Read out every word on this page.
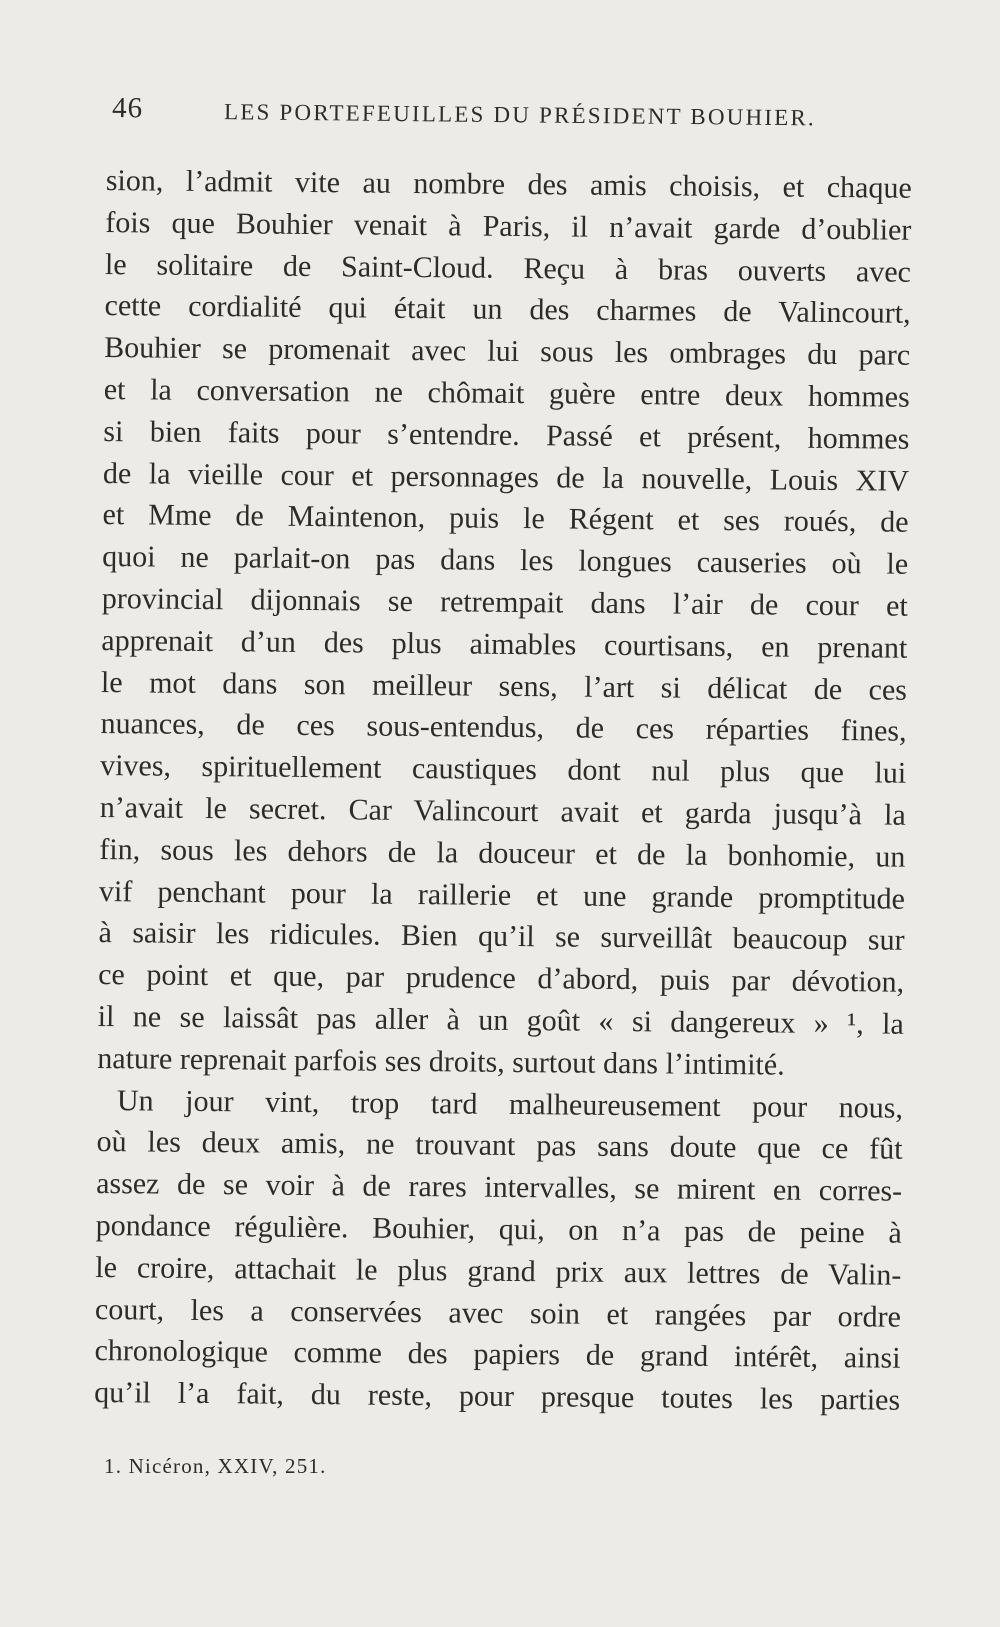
46	LES PORTEFEUILLES DU PRÉSIDENT BOUHIER.
sion, l’admit vite au nombre des amis choisis, et chaque
fois que Bouhier venait à Paris, il n’avait garde d’oublier
le solitaire de Saint-Cloud. Reçu à bras ouverts avec
cette cordialité qui était un des charmes de Valincourt,
Bouhier se promenait avec lui sous les ombrages du parc
et la conversation ne chômait guère entre deux hommes
si bien faits pour s’entendre. Passé et présent, hommes
de la vieille cour et personnages de la nouvelle, Louis XIV
et Mme de Maintenon, puis le Régent et ses roués, de
quoi ne parlait-on pas dans les longues causeries où le
provincial dijonnais se retrempait dans l’air de cour et
apprenait d’un des plus aimables courtisans, en prenant
le mot dans son meilleur sens, l’art si délicat de ces
nuances, de ces sous-entendus, de ces réparties fines,
vives, spirituellement caustiques dont nul plus que lui
n’avait le secret. Car Valincourt avait et garda jusqu’à la
fin, sous les dehors de la douceur et de la bonhomie, un
vif penchant pour la raillerie et une grande promptitude
à saisir les ridicules. Bien qu’il se surveillât beaucoup sur
ce point et que, par prudence d’abord, puis par dévotion,
il ne se laissât pas aller à un goût « si dangereux » ¹, la
nature reprenait parfois ses droits, surtout dans l’intimité.
Un jour vint, trop tard malheureusement pour nous,
où les deux amis, ne trouvant pas sans doute que ce fût
assez de se voir à de rares intervalles, se mirent en corres-
pondance régulière. Bouhier, qui, on n’a pas de peine à
le croire, attachait le plus grand prix aux lettres de Valin-
court, les a conservées avec soin et rangées par ordre
chronologique comme des papiers de grand intérêt, ainsi
qu’il l’a fait, du reste, pour presque toutes les parties
1. Nicéron, XXIV, 251.
